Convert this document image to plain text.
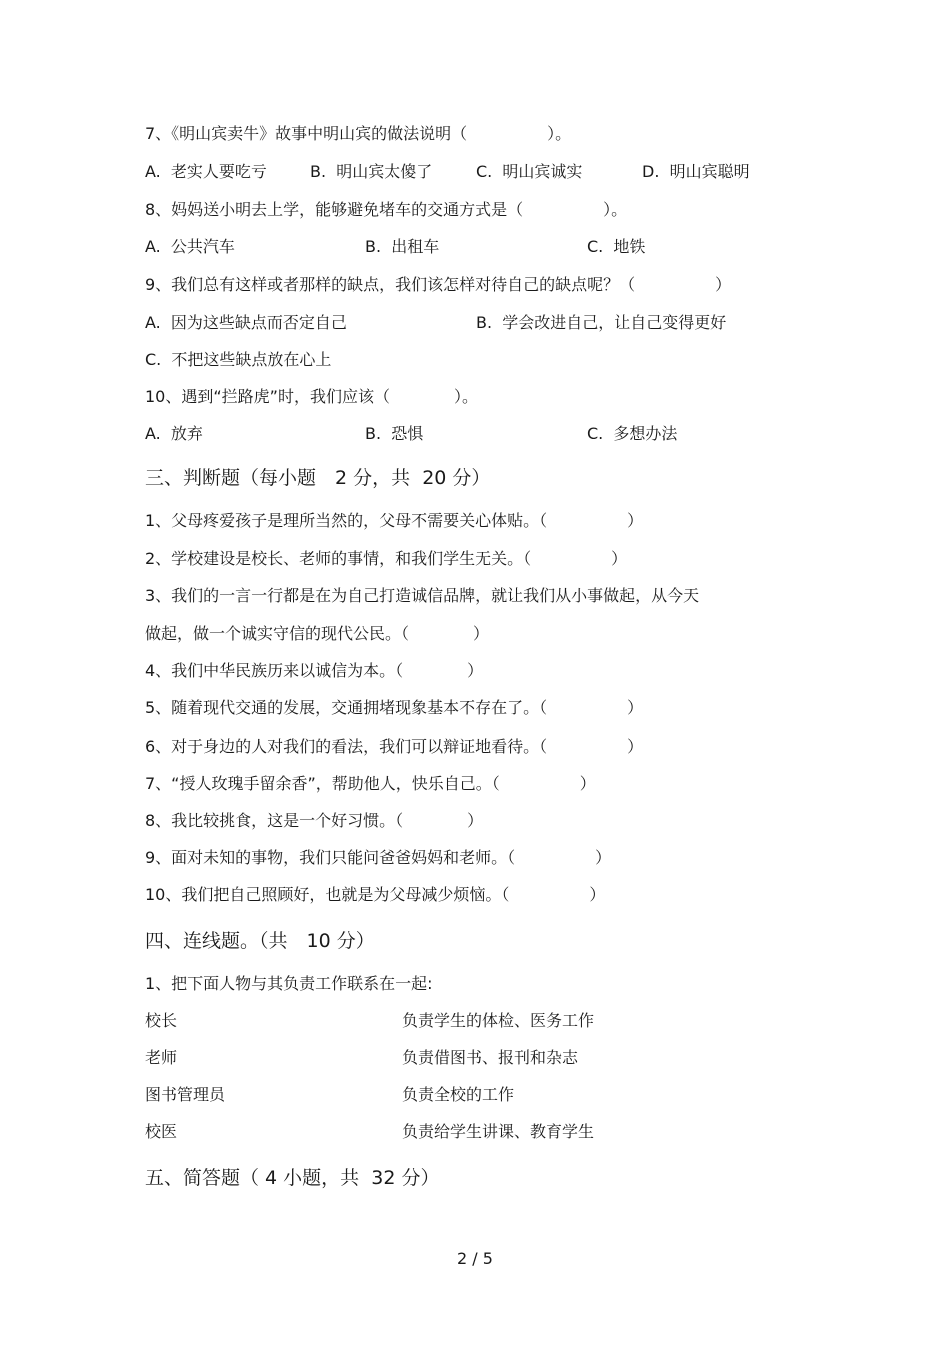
7、《明山宾卖牛》故事中明山宾的做法说明（　　　　　）。
A.  老实人要吃亏	B.  明山宾太傻了	C.  明山宾诚实	D.  明山宾聪明
8、妈妈送小明去上学，能够避免堵车的交通方式是（　　　　　）。
A.  公共汽车	B.  出租车	C.  地铁
9、我们总有这样或者那样的缺点，我们该怎样对待自己的缺点呢？（　　　　　）
A.  因为这些缺点而否定自己	B.  学会改进自己，让自己变得更好
C.  不把这些缺点放在心上
10、遇到“拦路虎”时，我们应该（　　　　）。
A.  放弃	B.  恐惧	C.  多想办法
三、判断题（每小题　2 分，共  20 分）
1、父母疼爱孩子是理所当然的，父母不需要关心体贴。（　　　　　）
2、学校建设是校长、老师的事情，和我们学生无关。（　　　　　）
3、我们的一言一行都是在为自己打造诚信品牌，就让我们从小事做起，从今天
做起，做一个诚实守信的现代公民。（　　　　）
4、我们中华民族历来以诚信为本。（　　　　）
5、随着现代交通的发展，交通拥堵现象基本不存在了。（　　　　　）
6、对于身边的人对我们的看法，我们可以辩证地看待。（　　　　　）
7、“授人玫瑰手留余香”，帮助他人，快乐自己。（　　　　　）
8、我比较挑食，这是一个好习惯。（　　　　）
9、面对未知的事物，我们只能问爸爸妈妈和老师。（　　　　　）
10、我们把自己照顾好，也就是为父母减少烦恼。（　　　　　）
四、连线题。（共　10 分）
1、把下面人物与其负责工作联系在一起:
校长	负责学生的体检、医务工作
老师	负责借图书、报刊和杂志
图书管理员	负责全校的工作
校医	负责给学生讲课、教育学生
五、简答题（ 4 小题，共  32 分）
2 / 5
